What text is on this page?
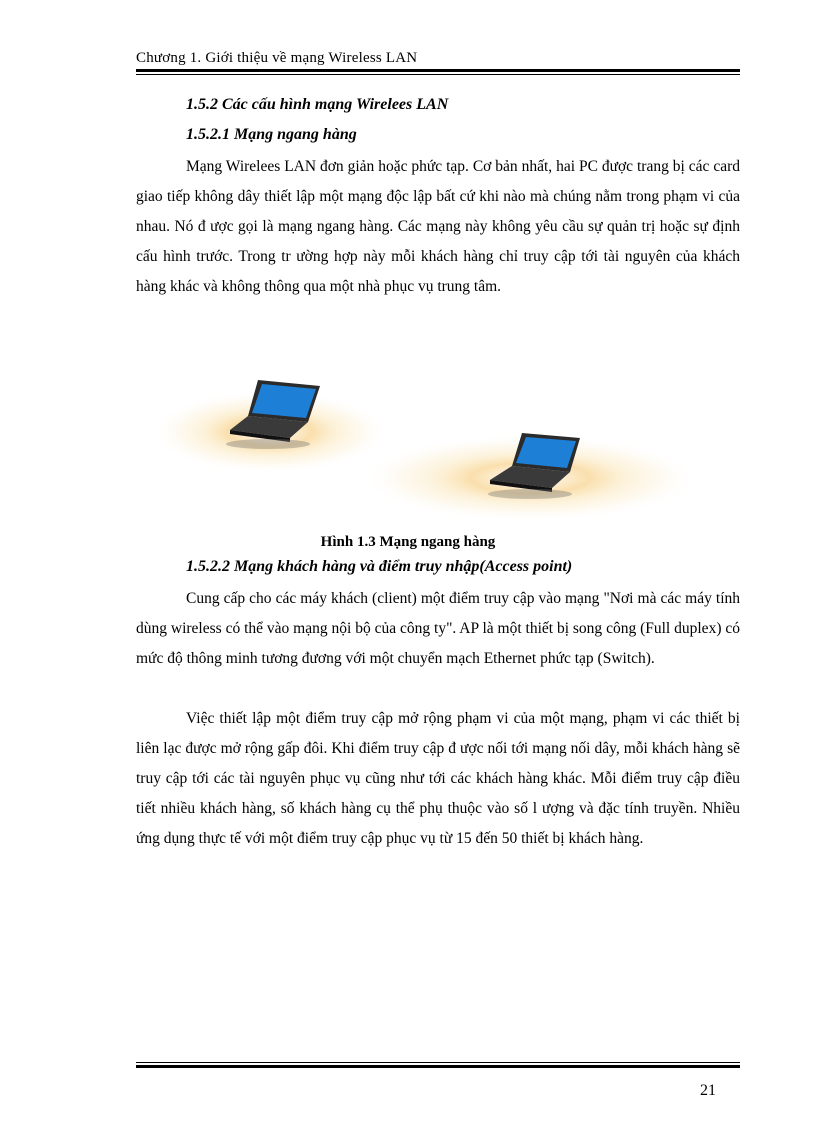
Chương 1. Giới thiệu về mạng Wireless LAN
1.5.2 Các cấu hình mạng Wirelees LAN
1.5.2.1 Mạng ngang hàng
Mạng Wirelees LAN đơn giản hoặc phức tạp. Cơ bản nhất, hai PC được trang bị các card giao tiếp không dây thiết lập một mạng độc lập bất cứ khi nào mà chúng nằm trong phạm vi của nhau. Nó đ ược gọi là mạng ngang hàng. Các mạng này không yêu cầu sự quản trị hoặc sự định cấu hình trước. Trong tr ường hợp này mỗi khách hàng chỉ truy cập tới tài nguyên của khách hàng khác và không thông qua một nhà phục vụ trung tâm.
Hình 1.3 Mạng ngang hàng
1.5.2.2 Mạng khách hàng và điểm truy nhập(Access point)
Cung cấp cho các máy khách (client) một điểm truy cập vào mạng "Nơi mà các máy tính dùng wireless có thể vào mạng nội bộ của công ty". AP là một thiết bị song công (Full duplex) có mức độ thông minh tương đương với một chuyển mạch Ethernet phức tạp (Switch).
Việc thiết lập một điểm truy cập mở rộng phạm vi của một mạng, phạm vi các thiết bị liên lạc được mở rộng gấp đôi. Khi điểm truy cập đ ược nối tới mạng nối dây, mỗi khách hàng sẽ truy cập tới các tài nguyên phục vụ cũng như tới các khách hàng khác. Mỗi điểm truy cập điều tiết nhiều khách hàng, số khách hàng cụ thể phụ thuộc vào số l ượng và đặc tính truyền. Nhiều ứng dụng thực tế với một điểm truy cập phục vụ từ 15 đến 50 thiết bị khách hàng.
21
